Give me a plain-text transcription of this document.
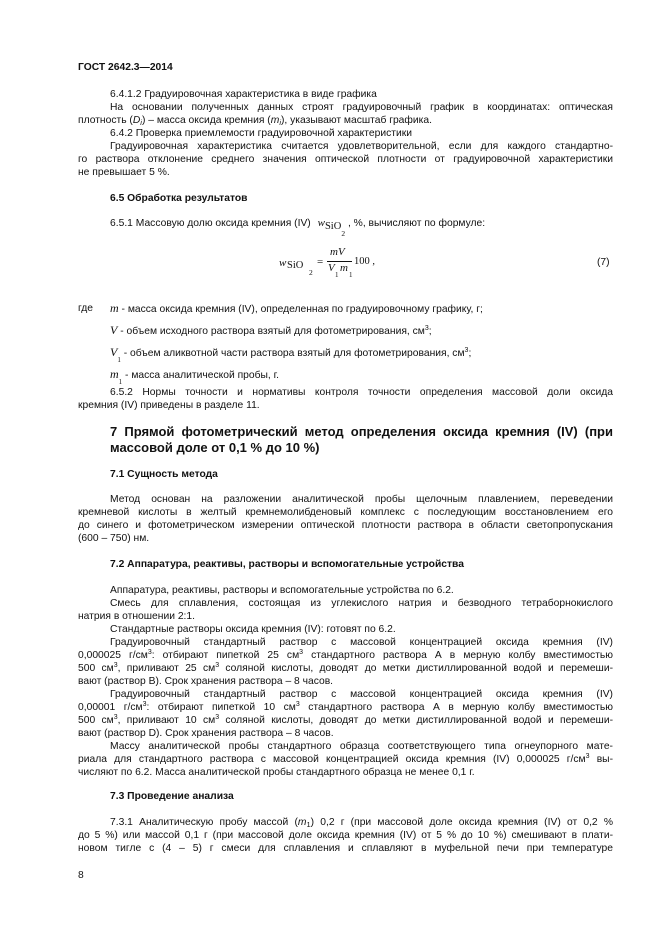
ГОСТ 2642.3—2014
6.4.1.2 Градуировочная характеристика в виде графика
На основании полученных данных строят градуировочный график в координатах: оптическая
плотность $(D_i)$ – масса оксида кремния $(m_i)$, указывают масштаб графика.
6.4.2 Проверка приемлемости градуировочной характеристики
Градуировочная характеристика считается удовлетворительной, если для каждого стандартно-
го раствора отклонение среднего значения оптической плотности от градуировочной характеристики
не превышает 5 %.
6.5 Обработка результатов
6.5.1 Массовую долю оксида кремния (IV) wSiO$_2$ , %, вычисляют по формуле:
w SiO
2
=
mV
V
1
m
1
100 ,	(7)
где m - масса оксида кремния (IV), определенная по градуировочному графику, г;
V - объем исходного раствора взятый для фотометрирования, $см^3$;
$V_1$ - объем аликвотной части раствора взятый для фотометрирования, $см^3$;
$m_1$ - масса аналитической пробы, г.
6.5.2 Нормы точности и нормативы контроля точности определения массовой доли оксида
кремния (IV) приведены в разделе 11.
7 Прямой фотометрический метод определения оксида кремния (IV) (при
массовой доле от 0,1 % до 10 %)
7.1 Сущность метода
Метод основан на разложении аналитической пробы щелочным плавлением, переведении
кремневой кислоты в желтый кремнемолибденовый комплекс с последующим восстановлением его
до синего и фотометрическом измерении оптической плотности раствора в области светопропускания
(600 – 750) нм.
7.2 Аппаратура, реактивы, растворы и вспомогательные устройства
Аппаратура, реактивы, растворы и вспомогательные устройства по 6.2.
Смесь для сплавления, состоящая из углекислого натрия и безводного тетраборнокислого
натрия в отношении 2:1.
Стандартные растворы оксида кремния (IV): готовят по 6.2.
Градуировочный стандартный раствор с массовой концентрацией оксида кремния (IV)
0,000025 $г/см^3$: отбирают пипеткой 25 $см^3$ стандартного раствора А в мерную колбу вместимостью
500 $см^3$, приливают 25 $см^3$ соляной кислоты, доводят до метки дистиллированной водой и перемеши-
вают (раствор В). Срок хранения раствора – 8 часов.
Градуировочный стандартный раствор с массовой концентрацией оксида кремния (IV)
0,00001 $г/см^3$: отбирают пипеткой 10 $см^3$ стандартного раствора А в мерную колбу вместимостью
500 $см^3$, приливают 10 $см^3$ соляной кислоты, доводят до метки дистиллированной водой и перемеши-
вают (раствор D). Срок хранения раствора – 8 часов.
Массу аналитической пробы стандартного образца соответствующего типа огнеупорного мате-
риала для стандартного раствора с массовой концентрацией оксида кремния (IV) 0,000025 $г/см^3$ вы-
числяют по 6.2. Масса аналитической пробы стандартного образца не менее 0,1 г.
7.3 Проведение анализа
7.3.1 Аналитическую пробу массой $(m_1)$ 0,2 г (при массовой доле оксида кремния (IV) от 0,2 %
до 5 %) или массой 0,1 г (при массовой доле оксида кремния (IV) от 5 % до 10 %) смешивают в плати-
новом тигле с (4 – 5) г смеси для сплавления и сплавляют в муфельной печи при температуре
8
